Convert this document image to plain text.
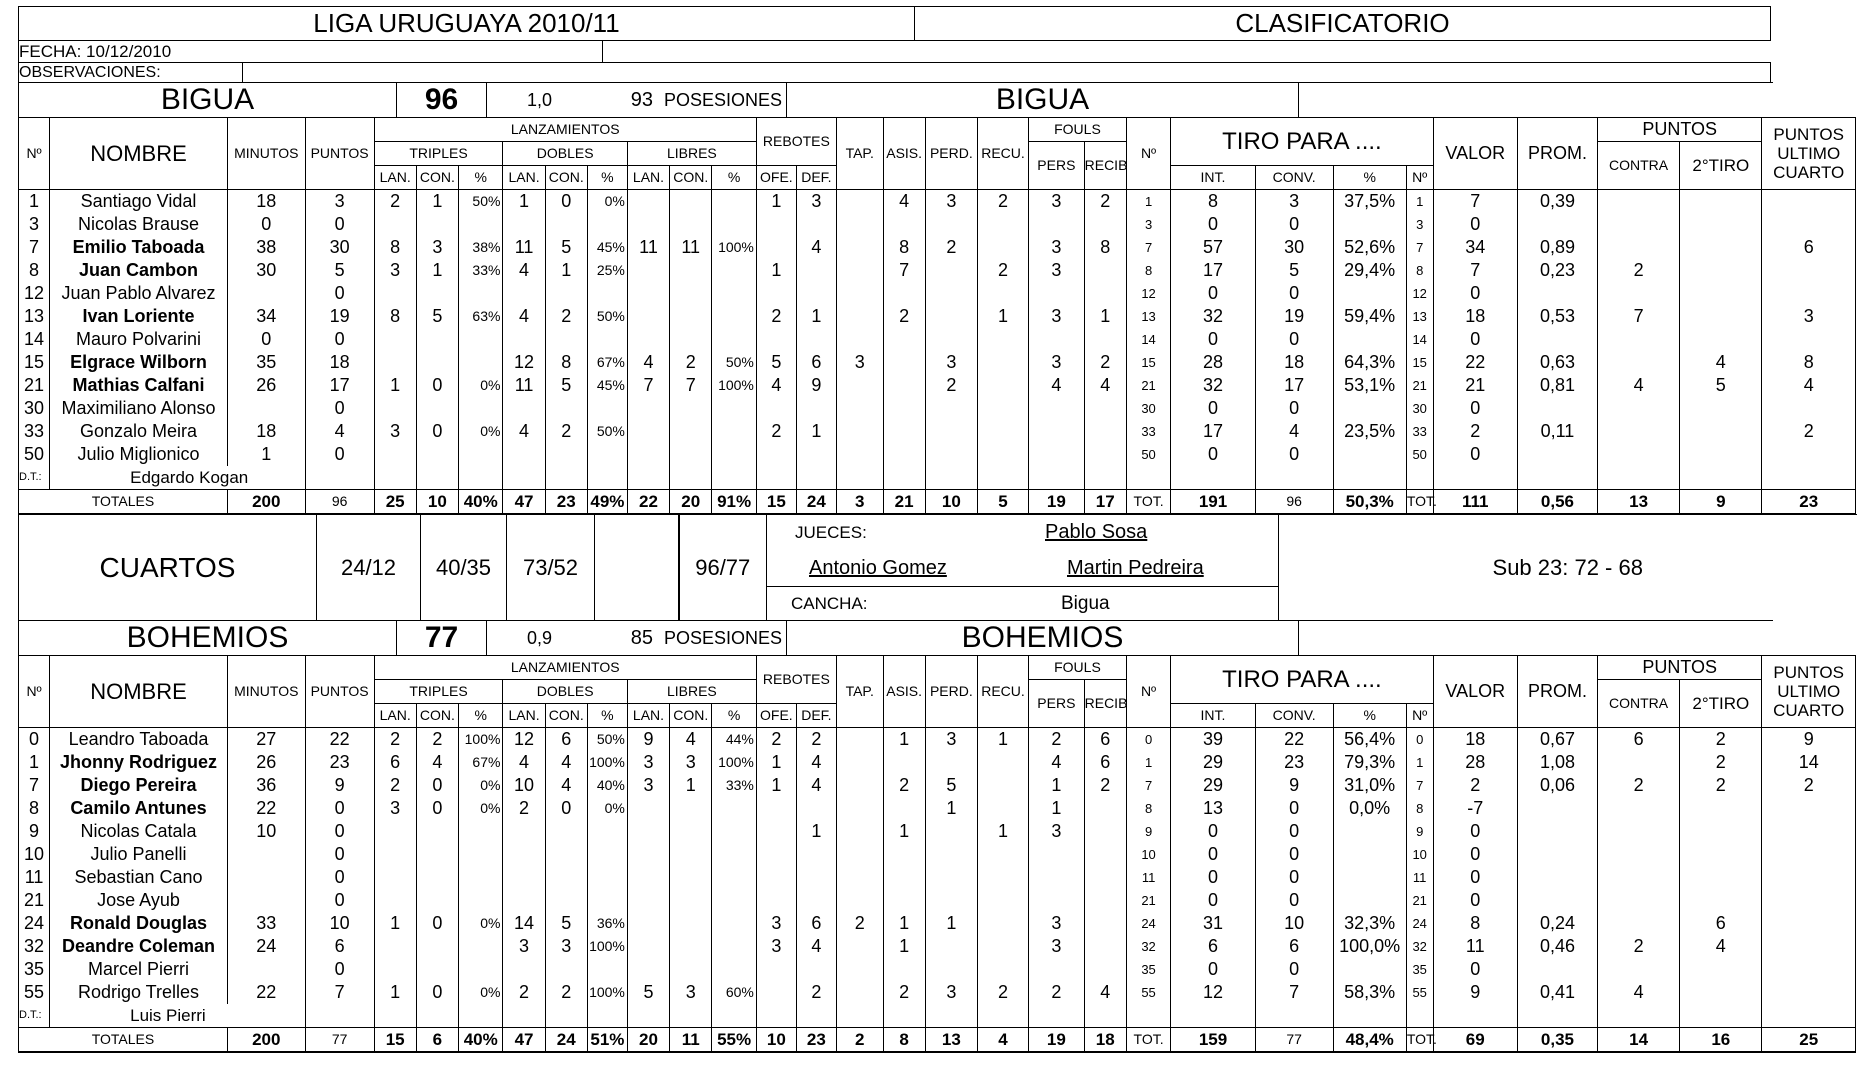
LIGA URUGUAYA 2010/11	CLASIFICATORIO
FECHA: 10/12/2010	
OBSERVACIONES:	
BIGUA	96	1,0	93 POSESIONES	BIGUA		
Nº	NOMBRE	MINUTOS	PUNTOS	LANZAMIENTOS									REBOTES		TAP.	ASIS.	PERD.	RECU.	FOULS		Nº	TIRO PARA ....				VALOR	PROM.	PUNTOS		PUNTOS ULTIMO CUARTO
				TRIPLES			DOBLES			LIBRES									PERS	RECIB								CONTRA	2°TIRO	
				LAN.	CON.	%	LAN.	CON.	%	LAN.	CON.	%	OFE.	DEF.								INT.	CONV.	%	Nº					
1	Santiago Vidal	18	3	2	1	50%	1	0	0%				1	3		4	3	2	3	2	1	8	3	37,5%	1	7	0,39			
3	Nicolas Brause	0	0																		3	0	0		3	0				
7	Emilio Taboada	38	30	8	3	38%	11	5	45%	11	11	100%		4		8	2		3	8	7	57	30	52,6%	7	34	0,89			6
8	Juan Cambon	30	5	3	1	33%	4	1	25%				1			7		2	3		8	17	5	29,4%	8	7	0,23	2		
12	Juan Pablo Alvarez		0																		12	0	0		12	0				
13	Ivan Loriente	34	19	8	5	63%	4	2	50%				2	1		2		1	3	1	13	32	19	59,4%	13	18	0,53	7		3
14	Mauro Polvarini	0	0																		14	0	0		14	0				
15	Elgrace Wilborn	35	18				12	8	67%	4	2	50%	5	6	3		3		3	2	15	28	18	64,3%	15	22	0,63		4	8
21	Mathias Calfani	26	17	1	0	0%	11	5	45%	7	7	100%	4	9			2		4	4	21	32	17	53,1%	21	21	0,81	4	5	4
30	Maximiliano Alonso		0																		30	0	0		30	0				
33	Gonzalo Meira	18	4	3	0	0%	4	2	50%				2	1							33	17	4	23,5%	33	2	0,11			2
50	Julio Miglionico	1	0																		50	0	0		50	0				
D.T.:	Edgardo Kogan																													
TOTALES		200	96	25	10	40%	47	23	49%	22	20	91%	15	24	3	21	10	5	19	17	TOT.	191	96	50,3%	TOT.	111	0,56	13	9	23
CUARTOS	24/12	40/35	73/52		96/77	JUECES:	Pablo Sosa	Sub 23: 72 - 68
Antonio Gomez	Martin Pedreira
CANCHA:	Bigua
BOHEMIOS	77	0,9	85 POSESIONES	BOHEMIOS		
Nº	NOMBRE	MINUTOS	PUNTOS	LANZAMIENTOS									REBOTES		TAP.	ASIS.	PERD.	RECU.	FOULS		Nº	TIRO PARA ....				VALOR	PROM.	PUNTOS		PUNTOS ULTIMO CUARTO
				TRIPLES			DOBLES			LIBRES									PERS	RECIB								CONTRA	2°TIRO	
				LAN.	CON.	%	LAN.	CON.	%	LAN.	CON.	%	OFE.	DEF.								INT.	CONV.	%	Nº					
0	Leandro Taboada	27	22	2	2	100%	12	6	50%	9	4	44%	2	2		1	3	1	2	6	0	39	22	56,4%	0	18	0,67	6	2	9
1	Jhonny Rodriguez	26	23	6	4	67%	4	4	100%	3	3	100%	1	4					4	6	1	29	23	79,3%	1	28	1,08		2	14
7	Diego Pereira	36	9	2	0	0%	10	4	40%	3	1	33%	1	4		2	5		1	2	7	29	9	31,0%	7	2	0,06	2	2	2
8	Camilo Antunes	22	0	3	0	0%	2	0	0%								1		1		8	13	0	0,0%	8	-7				
9	Nicolas Catala	10	0											1		1		1	3		9	0	0		9	0				
10	Julio Panelli		0																		10	0	0		10	0				
11	Sebastian Cano		0																		11	0	0		11	0				
21	Jose Ayub		0																		21	0	0		21	0				
24	Ronald Douglas	33	10	1	0	0%	14	5	36%				3	6	2	1	1		3		24	31	10	32,3%	24	8	0,24		6	
32	Deandre Coleman	24	6				3	3	100%				3	4		1			3		32	6	6	100,0%	32	11	0,46	2	4	
35	Marcel Pierri		0																		35	0	0		35	0				
55	Rodrigo Trelles	22	7	1	0	0%	2	2	100%	5	3	60%		2		2	3	2	2	4	55	12	7	58,3%	55	9	0,41	4		
D.T.:	Luis Pierri																													
TOTALES		200	77	15	6	40%	47	24	51%	20	11	55%	10	23	2	8	13	4	19	18	TOT.	159	77	48,4%	TOT.	69	0,35	14	16	25
